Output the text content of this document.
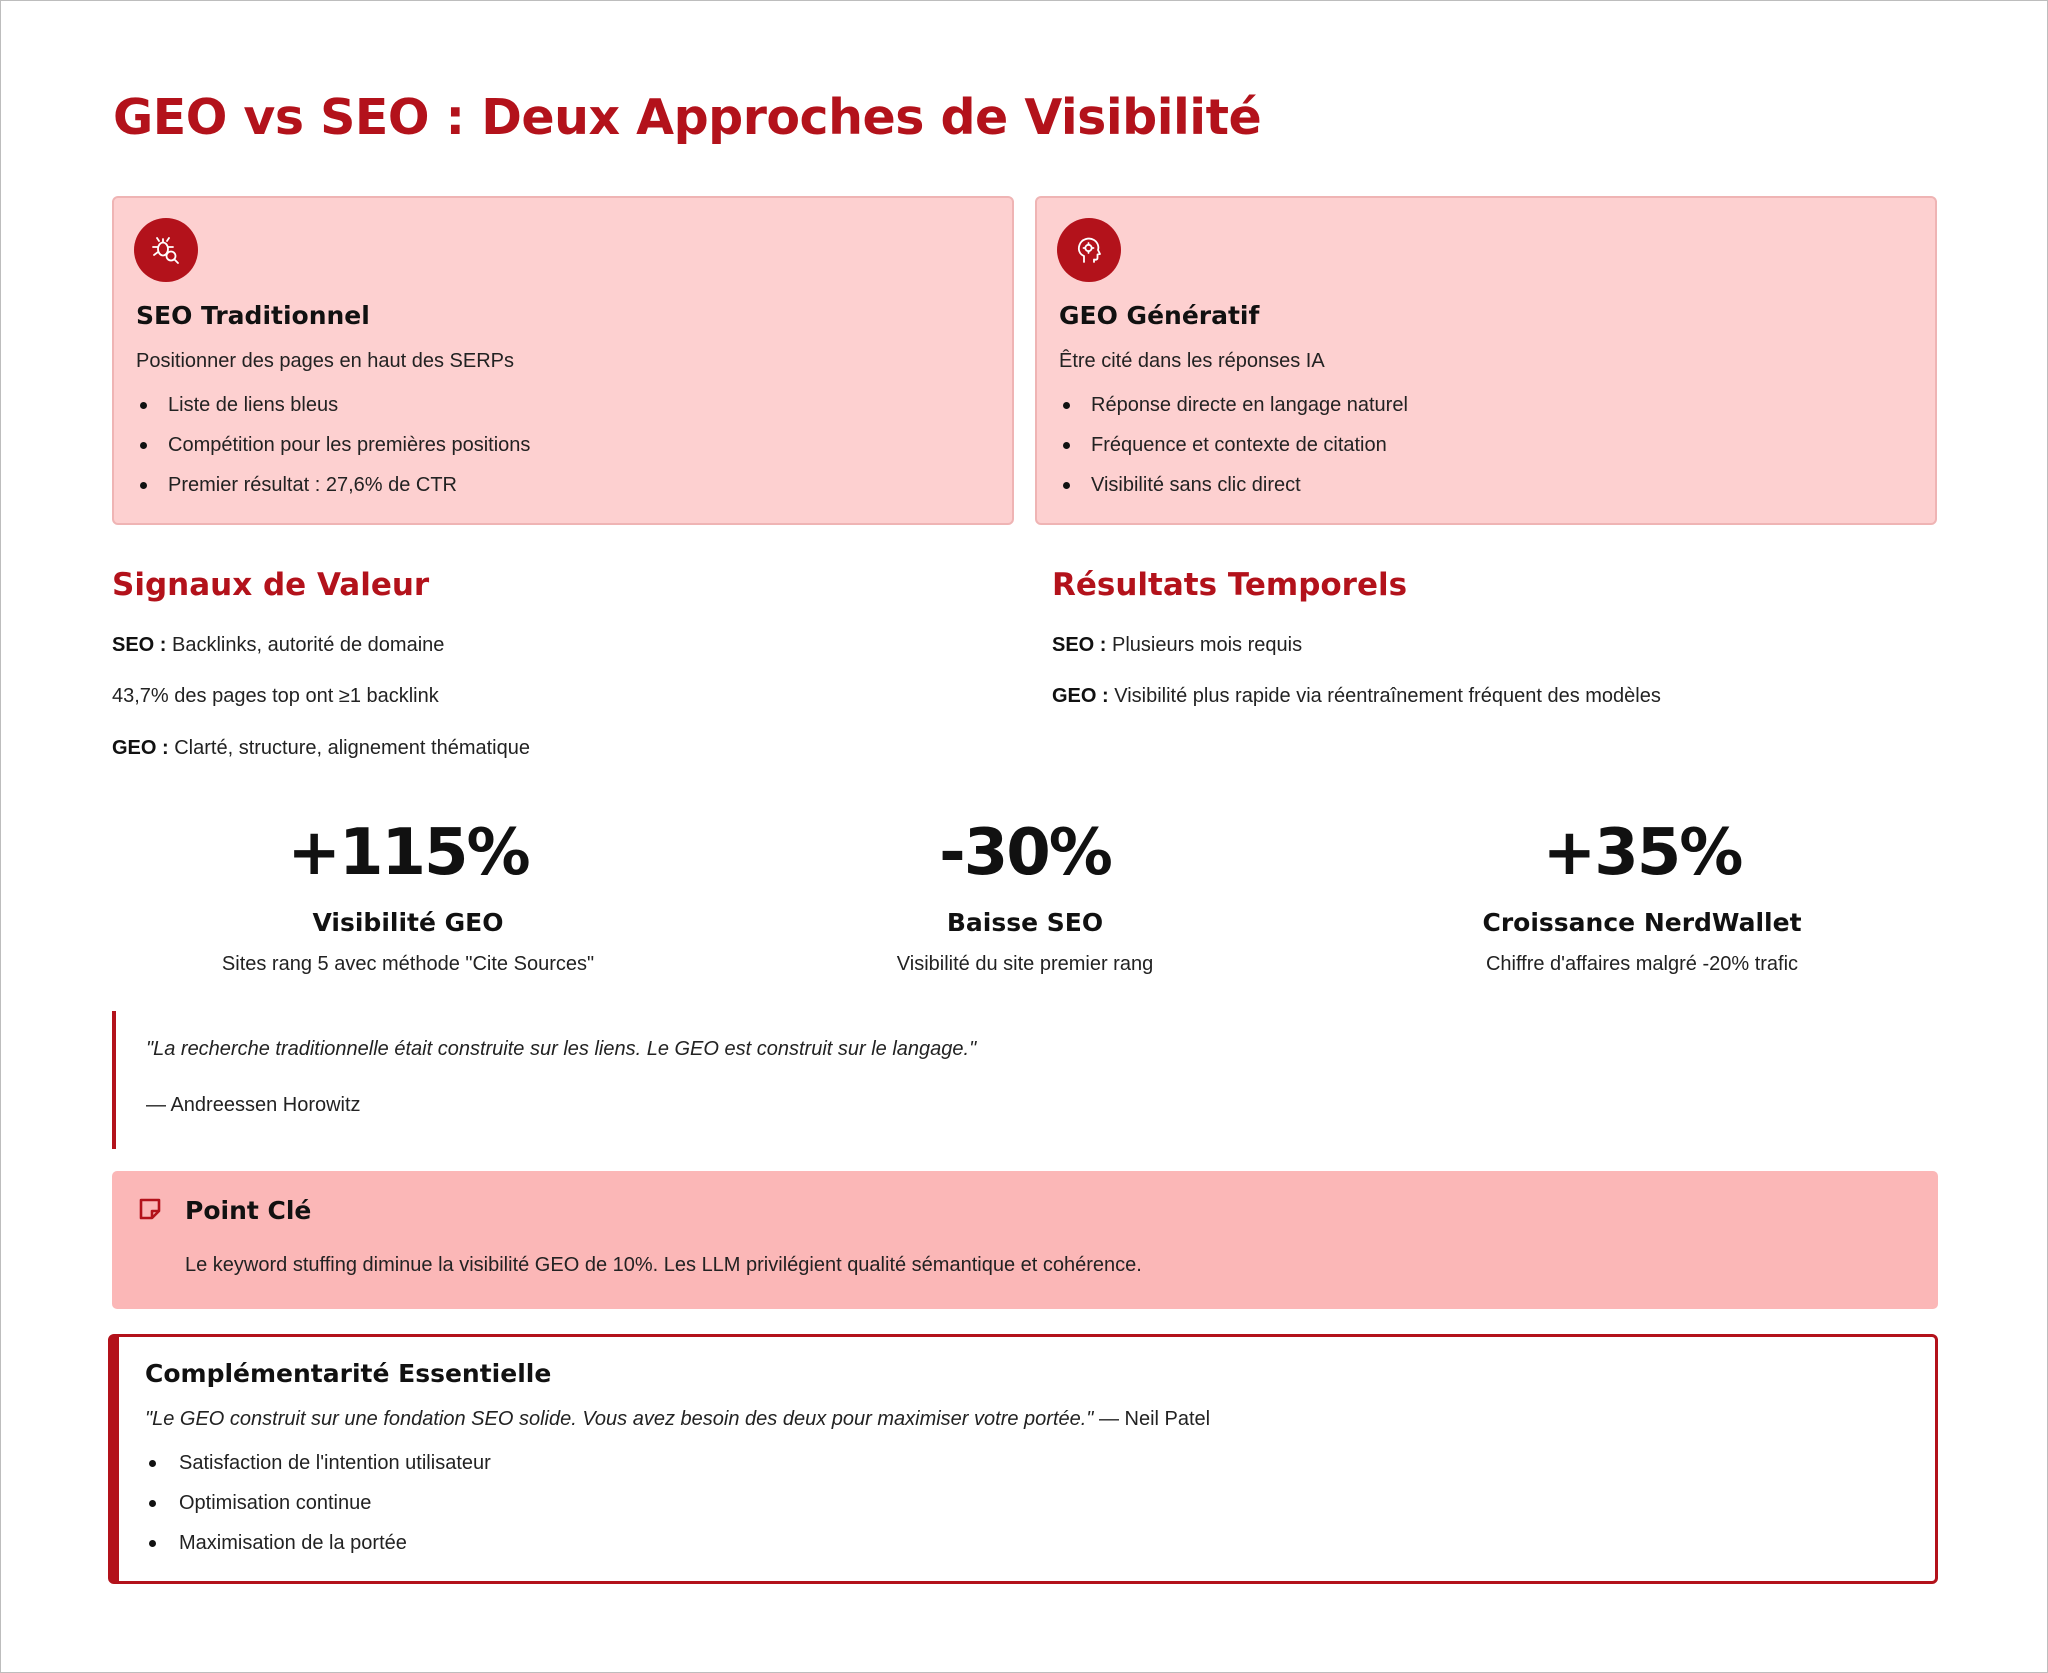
GEO vs SEO : Deux Approches de Visibilité
SEO Traditionnel
Positionner des pages en haut des SERPs
Liste de liens bleus
Compétition pour les premières positions
Premier résultat : 27,6% de CTR
GEO Génératif
Être cité dans les réponses IA
Réponse directe en langage naturel
Fréquence et contexte de citation
Visibilité sans clic direct
Signaux de Valeur
SEO : Backlinks, autorité de domaine
43,7% des pages top ont ≥1 backlink
GEO : Clarté, structure, alignement thématique
Résultats Temporels
SEO : Plusieurs mois requis
GEO : Visibilité plus rapide via réentraînement fréquent des modèles
+115%
Visibilité GEO
Sites rang 5 avec méthode "Cite Sources"
-30%
Baisse SEO
Visibilité du site premier rang
+35%
Croissance NerdWallet
Chiffre d'affaires malgré -20% trafic
"La recherche traditionnelle était construite sur les liens. Le GEO est construit sur le langage."
— Andreessen Horowitz
Point Clé
Le keyword stuffing diminue la visibilité GEO de 10%. Les LLM privilégient qualité sémantique et cohérence.
Complémentarité Essentielle
"Le GEO construit sur une fondation SEO solide. Vous avez besoin des deux pour maximiser votre portée." — Neil Patel
Satisfaction de l'intention utilisateur
Optimisation continue
Maximisation de la portée
